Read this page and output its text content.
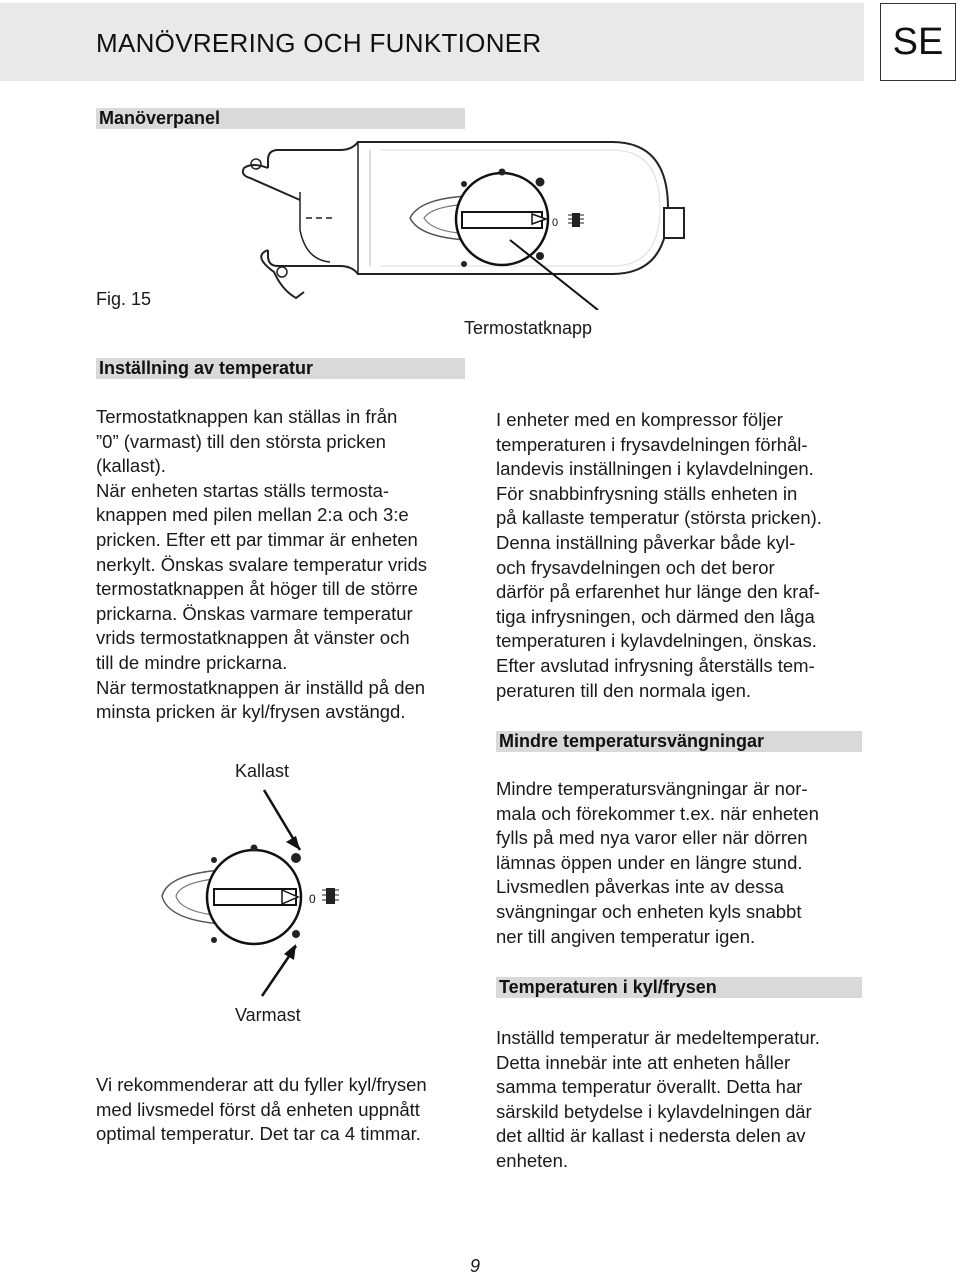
MANÖVRERING OCH FUNKTIONER	SE
Manöverpanel
0
Fig. 15
Termostatknapp
Inställning av temperatur
Termostatknappen kan ställas in från
”0” (varmast) till den största pricken
(kallast).
När enheten startas ställs termosta-
knappen med pilen mellan 2:a och 3:e
pricken. Efter ett par timmar är enheten
nerkylt. Önskas svalare temperatur vrids
termostatknappen åt höger till de större
prickarna. Önskas varmare temperatur
vrids termostatknappen åt vänster och
till de mindre prickarna.
När termostatknappen är inställd på den
minsta pricken är kyl/frysen avstängd.
Kallast
0
Varmast
Vi rekommenderar att du fyller kyl/frysen
med livsmedel först då enheten uppnått
optimal temperatur. Det tar ca 4 timmar.
I enheter med en kompressor följer
temperaturen i frysavdelningen förhål-
landevis inställningen i kylavdelningen.
För snabbinfrysning ställs enheten in
på kallaste temperatur (största pricken).
Denna inställning påverkar både kyl-
och frysavdelningen och det beror
därför på erfarenhet hur länge den kraf-
tiga infrysningen, och därmed den låga
temperaturen i kylavdelningen, önskas.
Efter avslutad infrysning återställs tem-
peraturen till den normala igen.
Mindre temperatursvängningar
Mindre temperatursvängningar är nor-
mala och förekommer t.ex. när enheten
fylls på med nya varor eller när dörren
lämnas öppen under en längre stund.
Livsmedlen påverkas inte av dessa
svängningar och enheten kyls snabbt
ner till angiven temperatur igen.
Temperaturen i kyl/frysen
Inställd temperatur är medeltemperatur.
Detta innebär inte att enheten håller
samma temperatur överallt. Detta har
särskild betydelse i kylavdelningen där
det alltid är kallast i nedersta delen av
enheten.
9
